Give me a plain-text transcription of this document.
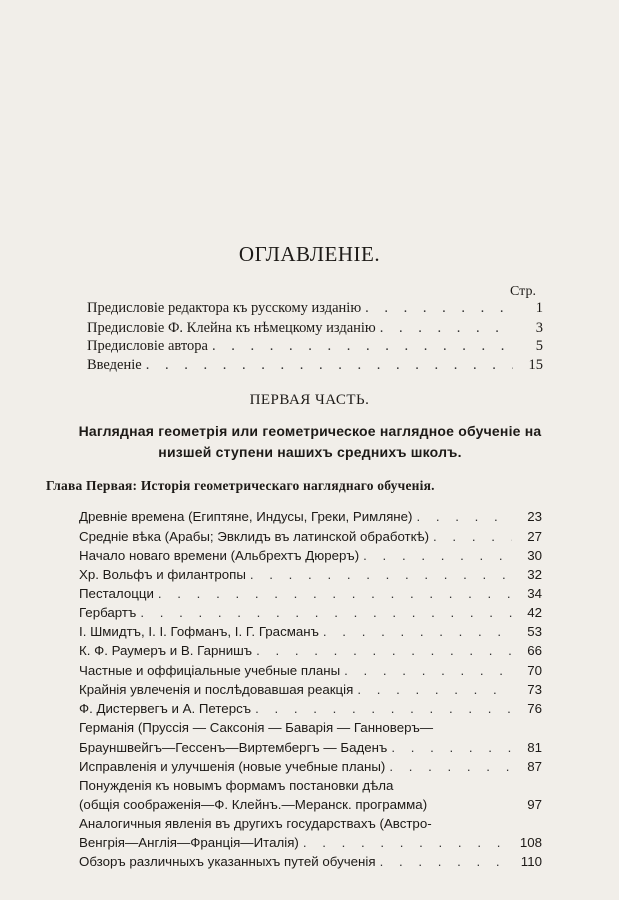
ОГЛАВЛЕНІЕ.
Стр.
Предисловіе редактора къ русскому изданію . . .	1
Предисловіе Ф. Клейна къ нѣмецкому изданію . . .	3
Предисловіе автора . . .	5
Введеніе . . .	15
ПЕРВАЯ ЧАСТЬ.
Наглядная геометрія или геометрическое наглядное обученіе на
низшей ступени нашихъ среднихъ школъ.
Глава Первая: Исторія геометрическаго нагляднаго обученія.
Древніе времена (Египтяне, Индусы, Греки, Римляне) . . .	23
Средніе вѣка (Арабы; Эвклидъ въ латинской обработкѣ) . . .	27
Начало новаго времени (Альбрехтъ Дюреръ) . . .	30
Хр. Вольфъ и филантропы . . .	32
Песталоцци . . .	34
Гербартъ . . .	42
І. Шмидтъ, І. І. Гофманъ, І. Г. Грасманъ . . .	53
К. Ф. Раумеръ и В. Гарнишъ . . .	66
Частные и оффиціальные учебные планы . . .	70
Крайнія увлеченія и послѣдовавшая реакція . . .	73
Ф. Дистервегъ и А. Петерсъ . . .	76
Германія (Пруссія — Саксонія — Баварія — Ганноверъ—
Брауншвейгъ—Гессенъ—Виртембергъ — Баденъ . . .	81
Исправленія и улучшенія (новые учебные планы) . . .	87
Понужденія къ новымъ формамъ постановки дѣла
(общія соображенія—Ф. Клейнъ.—Меранск. программа)	97
Аналогичныя явленія въ другихъ государствахъ (Австро-
Венгрія—Англія—Франція—Италія) . . .	108
Обзоръ различныхъ указанныхъ путей обученія . . .	110
